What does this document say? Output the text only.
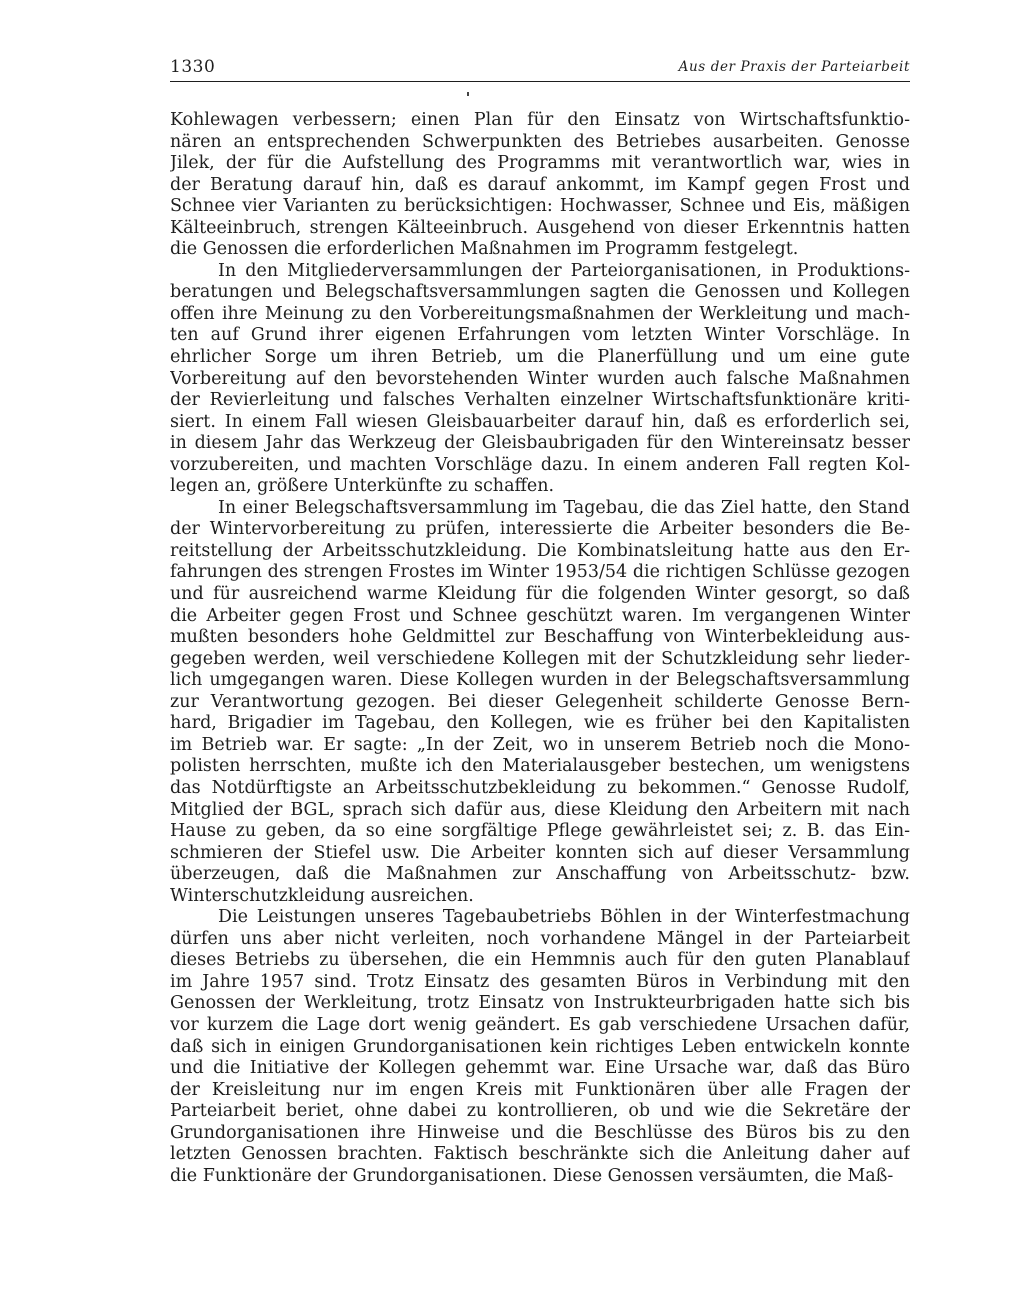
1330	Aus der Praxis der Parteiarbeit
Kohlewagen verbessern; einen Plan für den Einsatz von Wirtschaftsfunktio-
nären an entsprechenden Schwerpunkten des Betriebes ausarbeiten. Genosse
Jilek, der für die Aufstellung des Programms mit verantwortlich war, wies in
der Beratung darauf hin, daß es darauf ankommt, im Kampf gegen Frost und
Schnee vier Varianten zu berücksichtigen: Hochwasser, Schnee und Eis, mäßigen
Kälteeinbruch, strengen Kälteeinbruch. Ausgehend von dieser Erkenntnis hatten
die Genossen die erforderlichen Maßnahmen im Programm festgelegt.
In den Mitgliederversammlungen der Parteiorganisationen, in Produktions-
beratungen und Belegschaftsversammlungen sagten die Genossen und Kollegen
offen ihre Meinung zu den Vorbereitungsmaßnahmen der Werkleitung und mach-
ten auf Grund ihrer eigenen Erfahrungen vom letzten Winter Vorschläge. In
ehrlicher Sorge um ihren Betrieb, um die Planerfüllung und um eine gute
Vorbereitung auf den bevorstehenden Winter wurden auch falsche Maßnahmen
der Revierleitung und falsches Verhalten einzelner Wirtschaftsfunktionäre kriti-
siert. In einem Fall wiesen Gleisbauarbeiter darauf hin, daß es erforderlich sei,
in diesem Jahr das Werkzeug der Gleisbaubrigaden für den Wintereinsatz besser
vorzubereiten, und machten Vorschläge dazu. In einem anderen Fall regten Kol-
legen an, größere Unterkünfte zu schaffen.
In einer Belegschaftsversammlung im Tagebau, die das Ziel hatte, den Stand
der Wintervorbereitung zu prüfen, interessierte die Arbeiter besonders die Be-
reitstellung der Arbeitsschutzkleidung. Die Kombinatsleitung hatte aus den Er-
fahrungen des strengen Frostes im Winter 1953/54 die richtigen Schlüsse gezogen
und für ausreichend warme Kleidung für die folgenden Winter gesorgt, so daß
die Arbeiter gegen Frost und Schnee geschützt waren. Im vergangenen Winter
mußten besonders hohe Geldmittel zur Beschaffung von Winterbekleidung aus-
gegeben werden, weil verschiedene Kollegen mit der Schutzkleidung sehr lieder-
lich umgegangen waren. Diese Kollegen wurden in der Belegschaftsversammlung
zur Verantwortung gezogen. Bei dieser Gelegenheit schilderte Genosse Bern-
hard, Brigadier im Tagebau, den Kollegen, wie es früher bei den Kapitalisten
im Betrieb war. Er sagte: „In der Zeit, wo in unserem Betrieb noch die Mono-
polisten herrschten, mußte ich den Materialausgeber bestechen, um wenigstens
das Notdürftigste an Arbeitsschutzbekleidung zu bekommen.“ Genosse Rudolf,
Mitglied der BGL, sprach sich dafür aus, diese Kleidung den Arbeitern mit nach
Hause zu geben, da so eine sorgfältige Pflege gewährleistet sei; z. B. das Ein-
schmieren der Stiefel usw. Die Arbeiter konnten sich auf dieser Versammlung
überzeugen, daß die Maßnahmen zur Anschaffung von Arbeitsschutz- bzw.
Winterschutzkleidung ausreichen.
Die Leistungen unseres Tagebaubetriebs Böhlen in der Winterfestmachung
dürfen uns aber nicht verleiten, noch vorhandene Mängel in der Parteiarbeit
dieses Betriebs zu übersehen, die ein Hemmnis auch für den guten Planablauf
im Jahre 1957 sind. Trotz Einsatz des gesamten Büros in Verbindung mit den
Genossen der Werkleitung, trotz Einsatz von Instrukteurbrigaden hatte sich bis
vor kurzem die Lage dort wenig geändert. Es gab verschiedene Ursachen dafür,
daß sich in einigen Grundorganisationen kein richtiges Leben entwickeln konnte
und die Initiative der Kollegen gehemmt war. Eine Ursache war, daß das Büro
der Kreisleitung nur im engen Kreis mit Funktionären über alle Fragen der
Parteiarbeit beriet, ohne dabei zu kontrollieren, ob und wie die Sekretäre der
Grundorganisationen ihre Hinweise und die Beschlüsse des Büros bis zu den
letzten Genossen brachten. Faktisch beschränkte sich die Anleitung daher auf
die Funktionäre der Grundorganisationen. Diese Genossen versäumten, die Maß-
